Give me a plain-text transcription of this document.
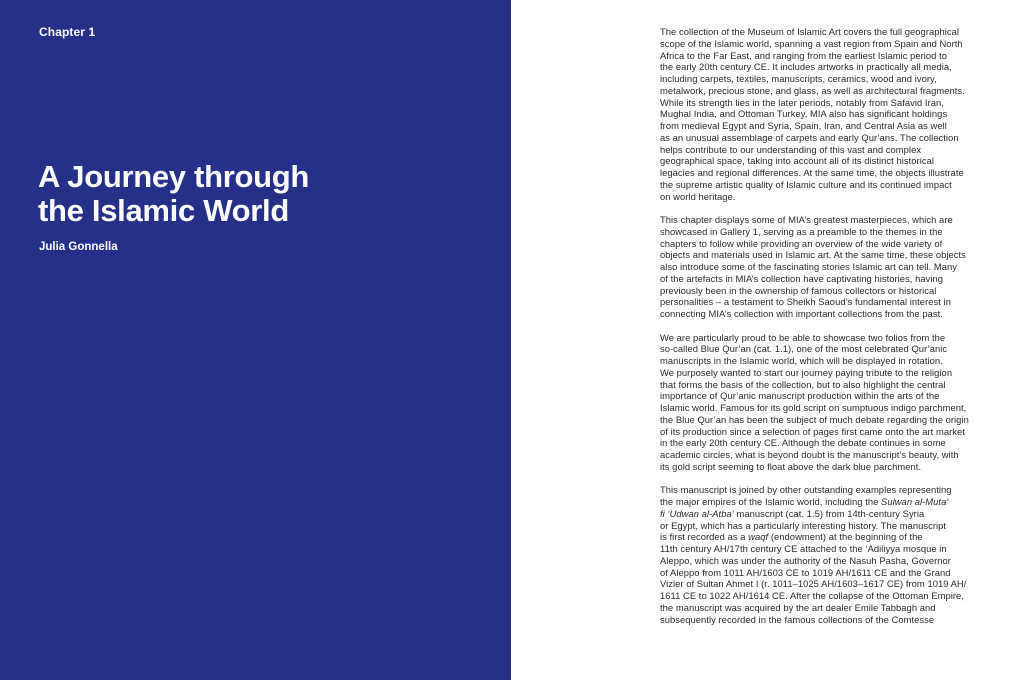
Chapter 1
A Journey through
the Islamic World
Julia Gonnella

The collection of the Museum of Islamic Art covers the full geographical
scope of the Islamic world, spanning a vast region from Spain and North
Africa to the Far East, and ranging from the earliest Islamic period to
the early 20th century CE. It includes artworks in practically all media,
including carpets, textiles, manuscripts, ceramics, wood and ivory,
metalwork, precious stone, and glass, as well as architectural fragments.
While its strength lies in the later periods, notably from Safavid Iran,
Mughal India, and Ottoman Turkey, MIA also has significant holdings
from medieval Egypt and Syria, Spain, Iran, and Central Asia as well
as an unusual assemblage of carpets and early Qur’ans. The collection
helps contribute to our understanding of this vast and complex
geographical space, taking into account all of its distinct historical
legacies and regional differences. At the same time, the objects illustrate
the supreme artistic quality of Islamic culture and its continued impact
on world heritage.

This chapter displays some of MIA’s greatest masterpieces, which are
showcased in Gallery 1, serving as a preamble to the themes in the
chapters to follow while providing an overview of the wide variety of
objects and materials used in Islamic art. At the same time, these objects
also introduce some of the fascinating stories Islamic art can tell. Many
of the artefacts in MIA’s collection have captivating histories, having
previously been in the ownership of famous collectors or historical
personalities – a testament to Sheikh Saoud’s fundamental interest in
connecting MIA’s collection with important collections from the past.

We are particularly proud to be able to showcase two folios from the
so-called Blue Qur’an (cat. 1.1), one of the most celebrated Qur’anic
manuscripts in the Islamic world, which will be displayed in rotation.
We purposely wanted to start our journey paying tribute to the religion
that forms the basis of the collection, but to also highlight the central
importance of Qur’anic manuscript production within the arts of the
Islamic world. Famous for its gold script on sumptuous indigo parchment,
the Blue Qur’an has been the subject of much debate regarding the origin
of its production since a selection of pages first came onto the art market
in the early 20th century CE. Although the debate continues in some
academic circles, what is beyond doubt is the manuscript’s beauty, with
its gold script seeming to float above the dark blue parchment.

This manuscript is joined by other outstanding examples representing
the major empires of the Islamic world, including the Sulwan al-Muta‘
fi ‘Udwan al-Atba‘ manuscript (cat. 1.5) from 14th-century Syria
or Egypt, which has a particularly interesting history. The manuscript
is first recorded as a waqf (endowment) at the beginning of the
11th century AH/17th century CE attached to the ‘Adiliyya mosque in
Aleppo, which was under the authority of the Nasuh Pasha, Governor
of Aleppo from 1011 AH/1603 CE to 1019 AH/1611 CE and the Grand
Vizier of Sultan Ahmet I (r. 1011–1025 AH/1603–1617 CE) from 1019 AH/
1611 CE to 1022 AH/1614 CE. After the collapse of the Ottoman Empire,
the manuscript was acquired by the art dealer Emile Tabbagh and
subsequently recorded in the famous collections of the Comtesse
